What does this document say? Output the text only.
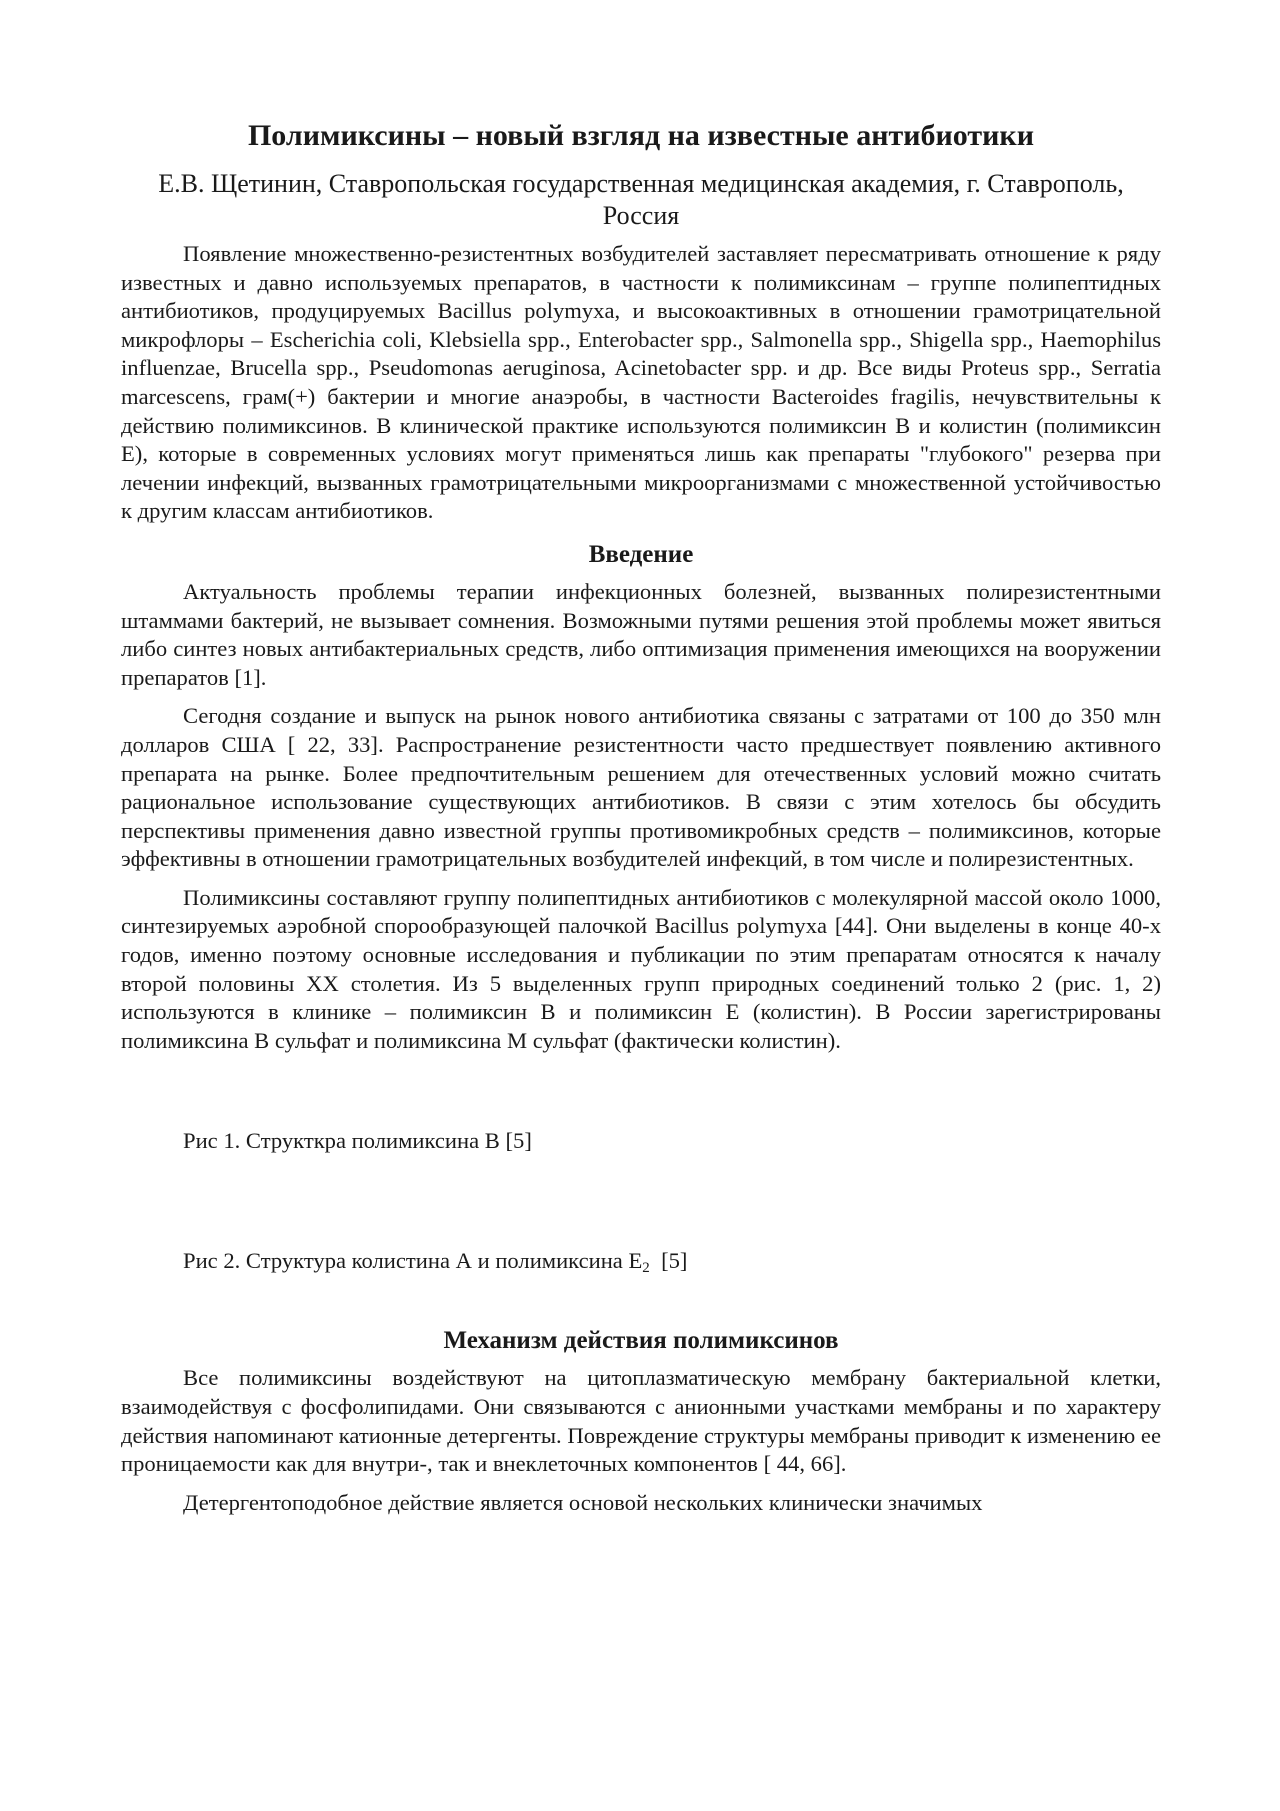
Полимиксины – новый взгляд на известные антибиотики
Е.В. Щетинин, Ставропольская государственная медицинская академия, г. Ставрополь, Россия

Появление множественно-резистентных возбудителей заставляет пересматривать отношение к ряду известных и давно используемых препаратов, в частности к полимиксинам – группе полипептидных антибиотиков, продуцируемых Bacillus polymyxa, и высокоактивных в отношении грамотрицательной микрофлоры – Escherichia coli, Klebsiella spp., Enterobacter spp., Salmonella spp., Shigella spp., Haemophilus influenzae, Brucella spp., Pseudomonas aeruginosa, Acinetobacter spp. и др. Все виды Proteus spp., Serratia marcescens, грам(+) бактерии и многие анаэробы, в частности Bacteroides fragilis, нечувствительны к действию полимиксинов. В клинической практике используются полимиксин В и колистин (полимиксин Е), которые в современных условиях могут применяться лишь как препараты "глубокого" резерва при лечении инфекций, вызванных грамотрицательными микроорганизмами с множественной устойчивостью к другим классам антибиотиков.

Введение

Актуальность проблемы терапии инфекционных болезней, вызванных полирезистентными штаммами бактерий, не вызывает сомнения. Возможными путями решения этой проблемы может явиться либо синтез новых антибактериальных средств, либо оптимизация применения имеющихся на вооружении препаратов [1].

Сегодня создание и выпуск на рынок нового антибиотика связаны с затратами от 100 до 350 млн долларов США [ 22, 33]. Распространение резистентности часто предшествует появлению активного препарата на рынке. Более предпочтительным решением для отечественных условий можно считать рациональное использование существующих антибиотиков. В связи с этим хотелось бы обсудить перспективы применения давно известной группы противомикробных средств – полимиксинов, которые эффективны в отношении грамотрицательных возбудителей инфекций, в том числе и полирезистентных.

Полимиксины составляют группу полипептидных антибиотиков с молекулярной массой около 1000, синтезируемых аэробной спорообразующей палочкой Bacillus polymyxa [44]. Они выделены в конце 40-х годов, именно поэтому основные исследования и публикации по этим препаратам относятся к началу второй половины XX столетия. Из 5 выделенных групп природных соединений только 2 (рис. 1, 2) используются в клинике – полимиксин В и полимиксин Е (колистин). В России зарегистрированы полимиксина В сульфат и полимиксина М сульфат (фактически колистин).

Рис 1. Структкра полимиксина В [5]
Рис 2. Структура колистина А и полимиксина $Е_2$ [5]
Механизм действия полимиксинов

Все полимиксины воздействуют на цитоплазматическую мембрану бактериальной клетки, взаимодействуя с фосфолипидами. Они связываются с анионными участками мембраны и по характеру действия напоминают катионные детергенты. Повреждение структуры мембраны приводит к изменению ее проницаемости как для внутри-, так и внеклеточных компонентов [ 44, 66].

Детергентоподобное действие является основой нескольких клинически значимых
